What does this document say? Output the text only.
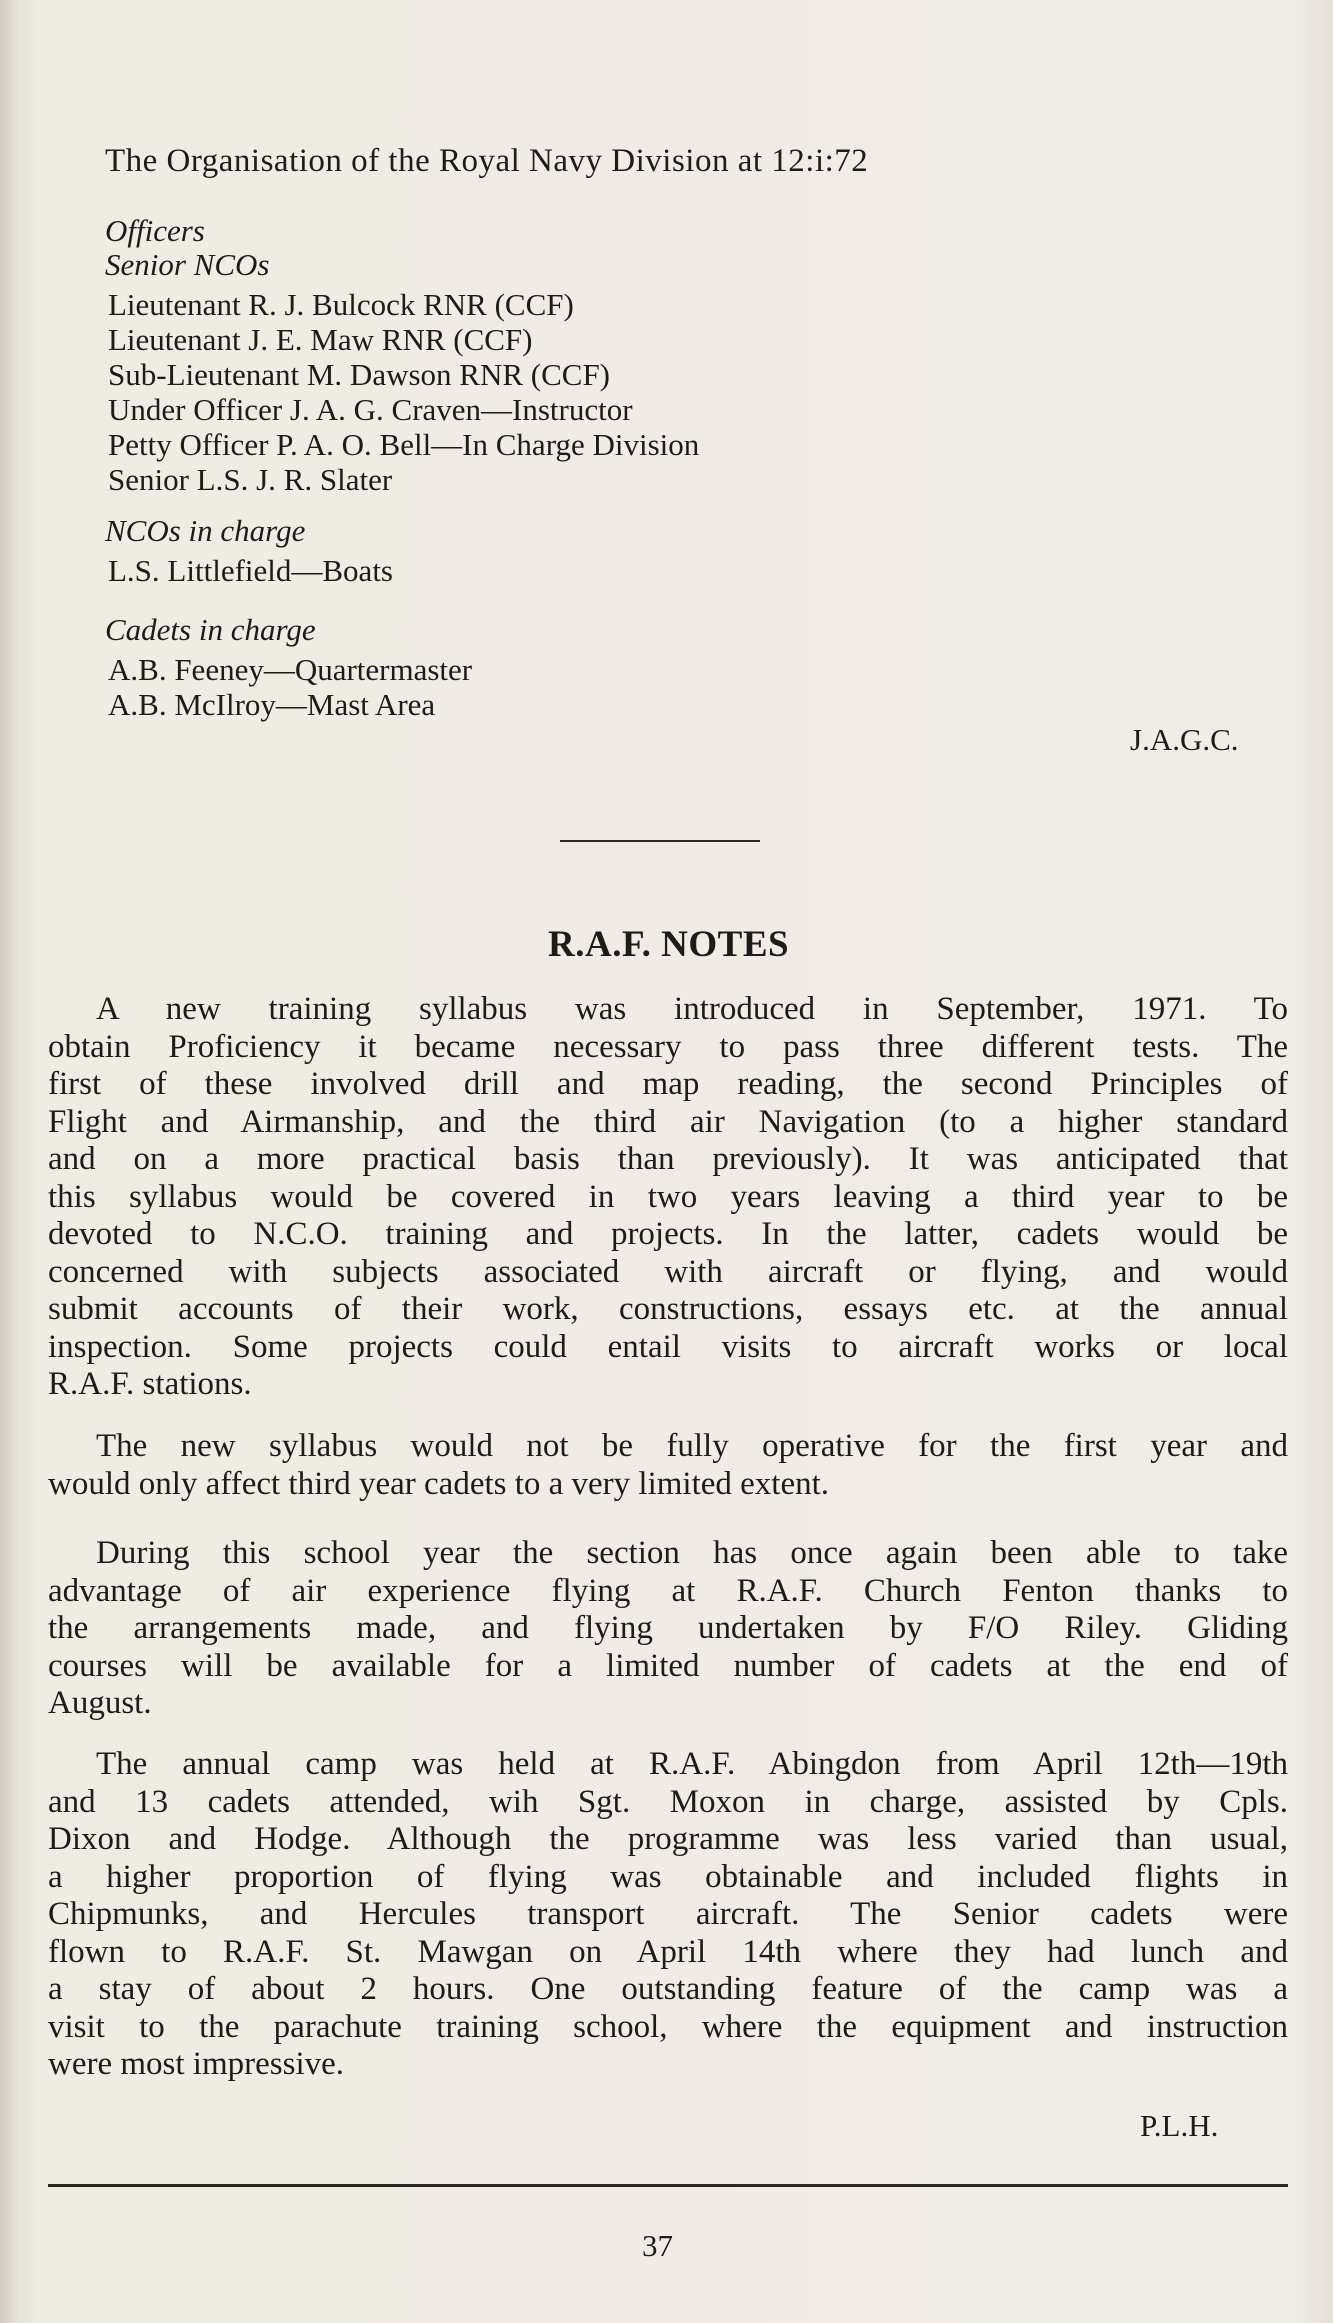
The Organisation of the Royal Navy Division at 12:i:72

Officers

Senior NCOs

Lieutenant R. J. Bulcock RNR (CCF)
Lieutenant J. E. Maw RNR (CCF)
Sub-Lieutenant M. Dawson RNR (CCF)
Under Officer J. A. G. Craven—Instructor
Petty Officer P. A. O. Bell—In Charge Division
Senior L.S. J. R. Slater

NCOs in charge

L.S. Littlefield—Boats

Cadets in charge

A.B. Feeney—Quartermaster
A.B. McIlroy—Mast Area

J.A.G.C.

R.A.F. NOTES

A new training syllabus was introduced in September, 1971. To
obtain Proficiency it became necessary to pass three different tests. The
first of these involved drill and map reading, the second Principles of
Flight and Airmanship, and the third air Navigation (to a higher standard
and on a more practical basis than previously). It was anticipated that
this syllabus would be covered in two years leaving a third year to be
devoted to N.C.O. training and projects. In the latter, cadets would be
concerned with subjects associated with aircraft or flying, and would
submit accounts of their work, constructions, essays etc. at the annual
inspection. Some projects could entail visits to aircraft works or local
R.A.F. stations.
The new syllabus would not be fully operative for the first year and
would only affect third year cadets to a very limited extent.
During this school year the section has once again been able to take
advantage of air experience flying at R.A.F. Church Fenton thanks to
the arrangements made, and flying undertaken by F/O Riley. Gliding
courses will be available for a limited number of cadets at the end of
August.
The annual camp was held at R.A.F. Abingdon from April 12th—19th
and 13 cadets attended, wih Sgt. Moxon in charge, assisted by Cpls.
Dixon and Hodge. Although the programme was less varied than usual,
a higher proportion of flying was obtainable and included flights in
Chipmunks, and Hercules transport aircraft. The Senior cadets were
flown to R.A.F. St. Mawgan on April 14th where they had lunch and
a stay of about 2 hours. One outstanding feature of the camp was a
visit to the parachute training school, where the equipment and instruction
were most impressive.

P.L.H.

37
